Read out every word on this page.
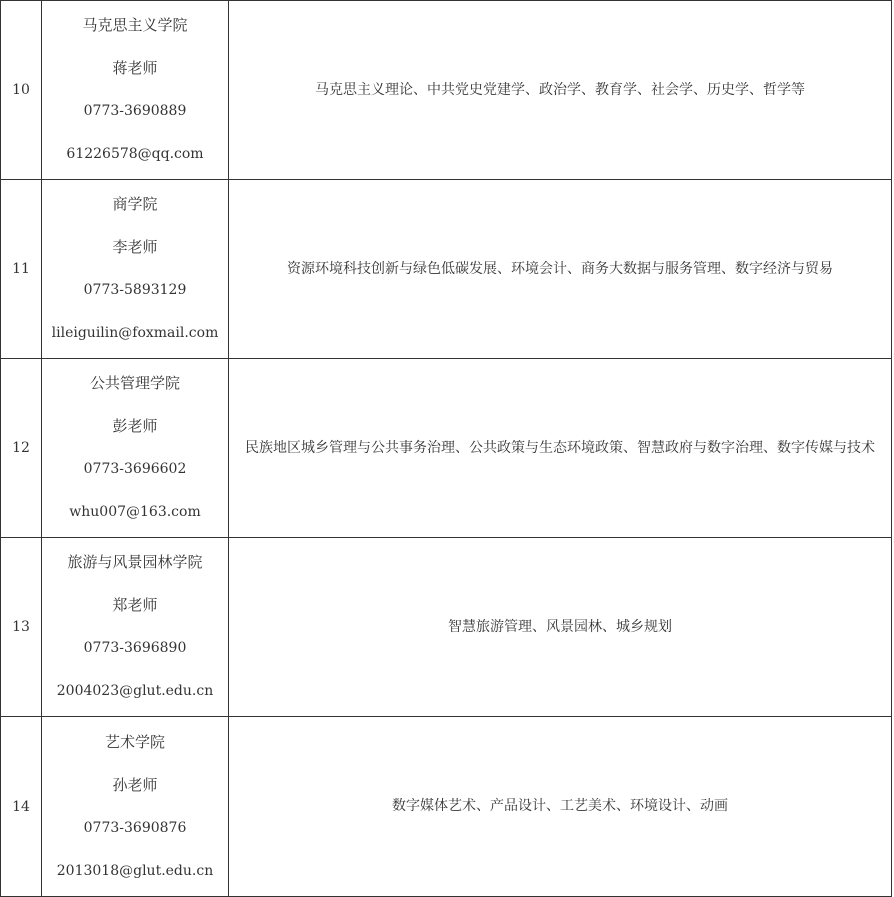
10	马克思主义学院
蒋老师
0773-3690889
61226578@qq.com	马克思主义理论、中共党史党建学、政治学、教育学、社会学、历史学、哲学等
11	商学院
李老师
0773-5893129
lileiguilin@foxmail.com	资源环境科技创新与绿色低碳发展、环境会计、商务大数据与服务管理、数字经济与贸易
12	公共管理学院
彭老师
0773-3696602
whu007@163.com	民族地区城乡管理与公共事务治理、公共政策与生态环境政策、智慧政府与数字治理、数字传媒与技术
13	旅游与风景园林学院
郑老师
0773-3696890
2004023@glut.edu.cn	智慧旅游管理、风景园林、城乡规划
14	艺术学院
孙老师
0773-3690876
2013018@glut.edu.cn	数字媒体艺术、产品设计、工艺美术、环境设计、动画
